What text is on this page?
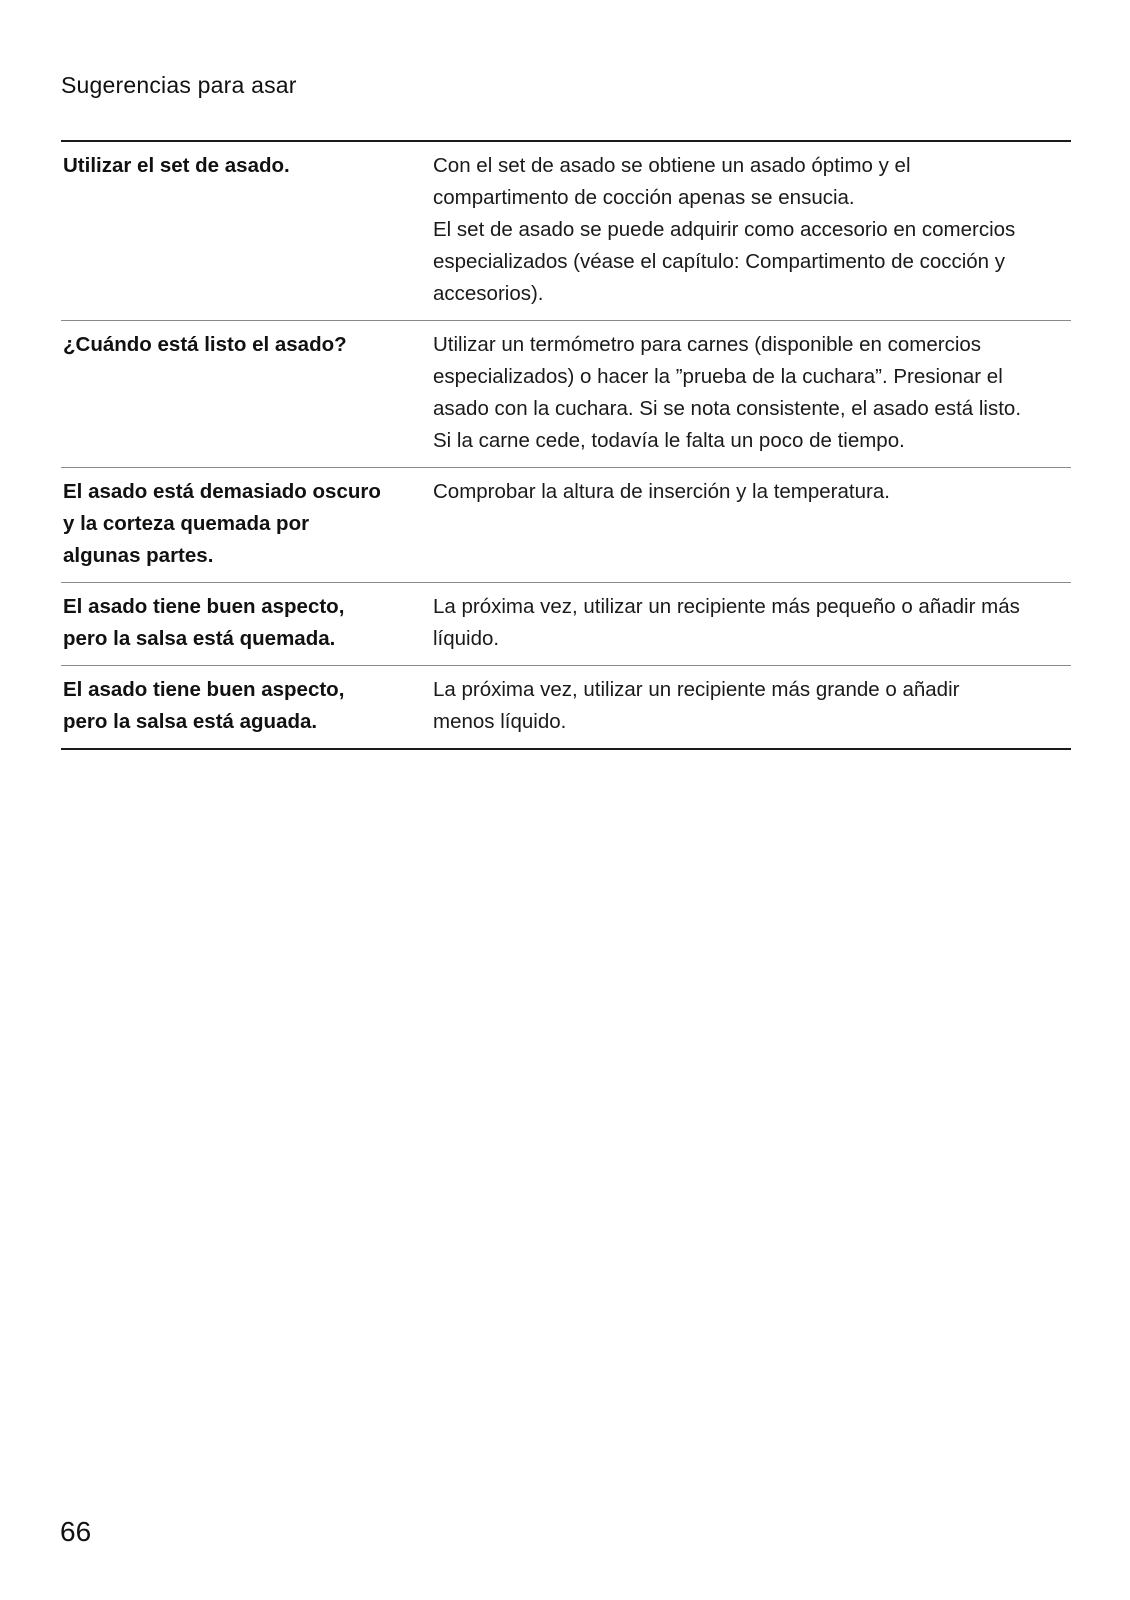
Sugerencias para asar
Utilizar el set de asado.	Con el set de asado se obtiene un asado óptimo y el
compartimento de cocción apenas se ensucia.
El set de asado se puede adquirir como accesorio en comercios
especializados (véase el capítulo: Compartimento de cocción y
accesorios).
¿Cuándo está listo el asado?	Utilizar un termómetro para carnes (disponible en comercios
especializados) o hacer la ”prueba de la cuchara”. Presionar el
asado con la cuchara. Si se nota consistente, el asado está listo.
Si la carne cede, todavía le falta un poco de tiempo.
El asado está demasiado oscuro
y la corteza quemada por
algunas partes.
Comprobar la altura de inserción y la temperatura.
El asado tiene buen aspecto,
pero la salsa está quemada.
La próxima vez, utilizar un recipiente más pequeño o añadir más
líquido.
El asado tiene buen aspecto,
pero la salsa está aguada.
La próxima vez, utilizar un recipiente más grande o añadir
menos líquido.
66
